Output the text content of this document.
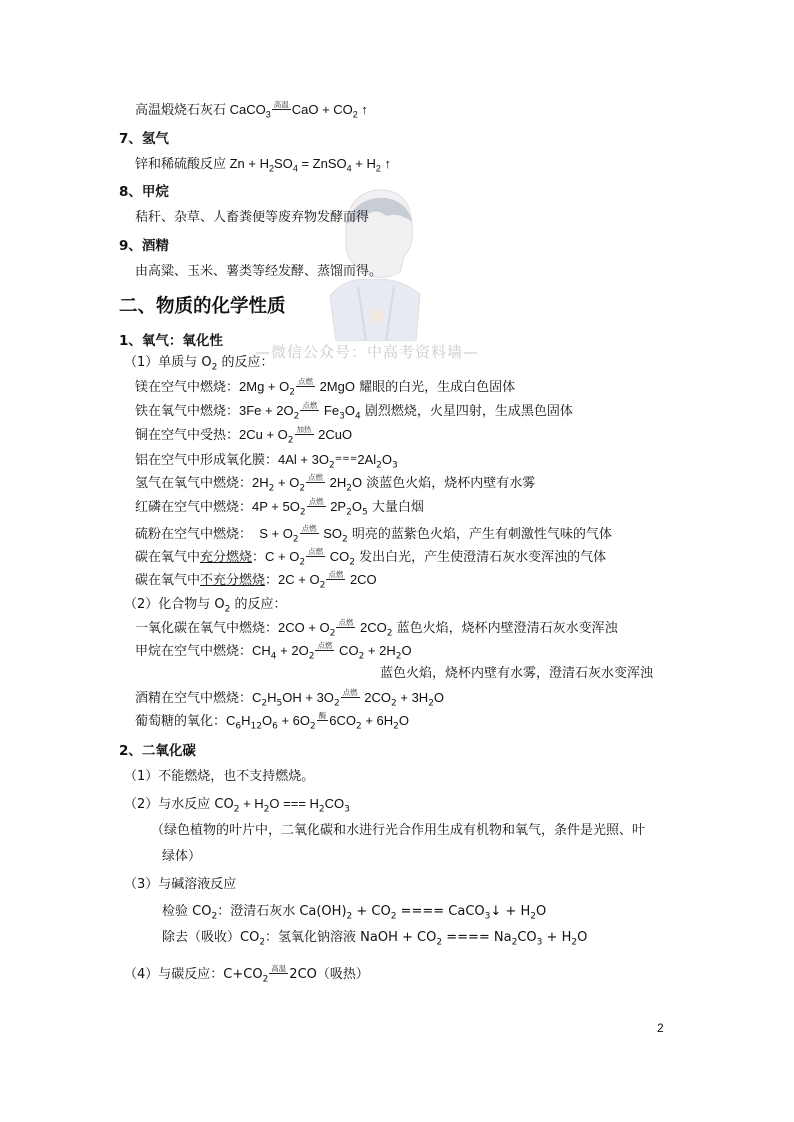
—微信公众号：中高考资料墙—
高温煅烧石灰石 CaCO$_3$高温 CaO + $CO_2$ ↑
7、氢气
锌和稀硫酸反应 $Zn + H_2SO_4$ = ZnSO$_4$ + $H_2$ ↑
8、甲烷
秸秆、杂草、人畜粪便等废弃物发酵而得
9、酒精
由高粱、玉米、薯类等经发酵、蒸馏而得。
二、物质的化学性质
1、氧气：氧化性
（1）单质与 $O_2$ 的反应：
镁在空气中燃烧：$2Mg + O_2$点燃 2MgO 耀眼的白光，生成白色固体
铁在氧气中燃烧：$3Fe + 2O_2$点燃 $Fe_3O_4$ 剧烈燃烧，火星四射，生成黑色固体
铜在空气中受热：$2Cu + O_2$加热 2CuO
铝在空气中形成氧化膜：$4Al + 3O_2^{===}2Al_2O_3$
氢气在氧气中燃烧：$2H_2 + O_2$点燃 $2H_2O$ 淡蓝色火焰，烧杯内壁有水雾
红磷在空气中燃烧：$4P + 5O_2$点燃 $2P_2O_5$ 大量白烟
硫粉在空气中燃烧：  $S + O_2$点燃 $SO_2$ 明亮的蓝紫色火焰，产生有刺激性气味的气体
碳在氧气中充分燃烧：$C + O_2$点燃 $CO_2$ 发出白光，产生使澄清石灰水变浑浊的气体
碳在氧气中不充分燃烧：$2C + O_2$点燃 2CO
（2）化合物与 $O_2$ 的反应：
一氧化碳在氧气中燃烧：$2CO + O_2$点燃 $2CO_2$ 蓝色火焰，烧杯内壁澄清石灰水变浑浊
甲烷在空气中燃烧：$CH_4 + 2O_2$点燃 $CO_2 + 2H_2O$
蓝色火焰，烧杯内壁有水雾，澄清石灰水变浑浊
酒精在空气中燃烧：$C_2H_5OH + 3O_2$点燃 $2CO_2 + 3H_2O$
葡萄糖的氧化：$C_6H_{12}O_6 + 6O_2$酶 $6CO_2 + 6H_2O$
2、二氧化碳
（1）不能燃烧，也不支持燃烧。
（2）与水反应 $CO_2 + H_2O$ === $H_2CO_3$
（绿色植物的叶片中，二氧化碳和水进行光合作用生成有机物和氧气，条件是光照、叶
绿体）
（3）与碱溶液反应
检验 $CO_2$：澄清石灰水 $Ca(OH)_2 + CO_2$ ==== CaCO$_3$↓ + $H_2O$
除去（吸收）$CO_2$：氢氧化钠溶液 NaOH + $CO_2$ ==== $Na_2CO_3 + H_2O$
（4）与碳反应：$C+CO_2$高温 2CO（吸热）
2
